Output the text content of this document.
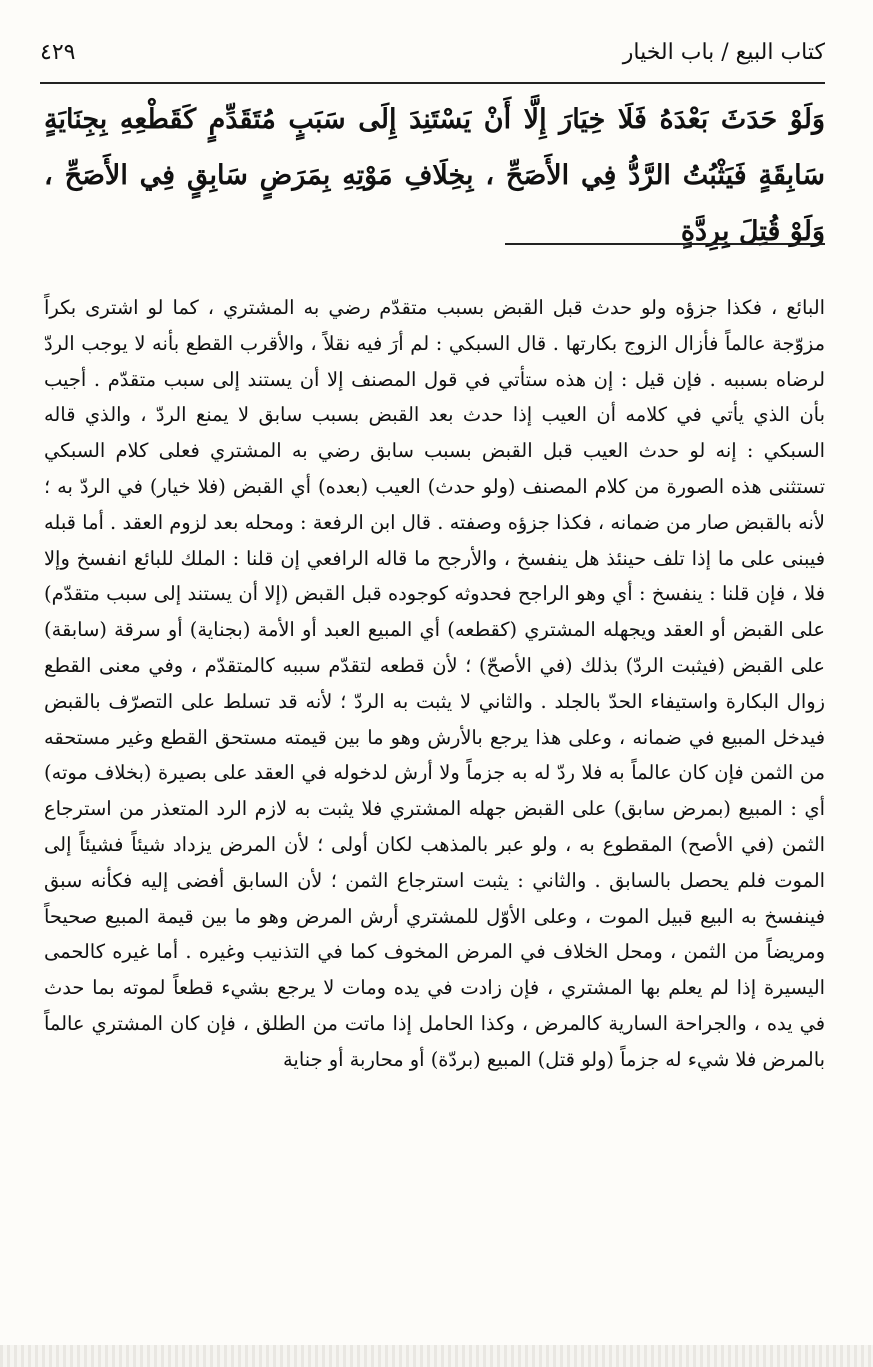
كتاب البيع / باب الخيار
٤٢٩
وَلَوْ حَدَثَ بَعْدَهُ فَلَا خِيَارَ إِلَّا أَنْ يَسْتَنِدَ إِلَى سَبَبٍ مُتَقَدِّمٍ كَقَطْعِهِ بِجِنَايَةٍ سَابِقَةٍ فَيَثْبُتُ الرَّدُّ فِي الأَصَحِّ ، بِخِلَافِ مَوْتِهِ بِمَرَضٍ سَابِقٍ فِي الأَصَحِّ ، وَلَوْ قُتِلَ بِرِدَّةٍ

البائع ، فكذا جزؤه ولو حدث قبل القبض بسبب متقدّم رضي به المشتري ، كما لو اشترى بكراً مزوّجة عالماً فأزال الزوج بكارتها . قال السبكي : لم أرَ فيه نقلاً ، والأقرب القطع بأنه لا يوجب الردّ لرضاه بسببه . فإن قيل : إن هذه ستأتي في قول المصنف إلا أن يستند إلى سبب متقدّم . أجيب بأن الذي يأتي في كلامه أن العيب إذا حدث بعد القبض بسبب سابق لا يمنع الردّ ، والذي قاله السبكي : إنه لو حدث العيب قبل القبض بسبب سابق رضي به المشتري فعلى كلام السبكي تستثنى هذه الصورة من كلام المصنف (ولو حدث) العيب (بعده) أي القبض (فلا خيار) في الردّ به ؛ لأنه بالقبض صار من ضمانه ، فكذا جزؤه وصفته . قال ابن الرفعة : ومحله بعد لزوم العقد . أما قبله فيبنى على ما إذا تلف حينئذ هل ينفسخ ، والأرجح ما قاله الرافعي إن قلنا : الملك للبائع انفسخ وإلا فلا ، فإن قلنا : ينفسخ : أي وهو الراجح فحدوثه كوجوده قبل القبض (إلا أن يستند إلى سبب متقدّم) على القبض أو العقد ويجهله المشتري (كقطعه) أي المبيع العبد أو الأمة (بجناية) أو سرقة (سابقة) على القبض (فيثبت الردّ) بذلك (في الأصحّ) ؛ لأن قطعه لتقدّم سببه كالمتقدّم ، وفي معنى القطع زوال البكارة واستيفاء الحدّ بالجلد . والثاني لا يثبت به الردّ ؛ لأنه قد تسلط على التصرّف بالقبض فيدخل المبيع في ضمانه ، وعلى هذا يرجع بالأرش وهو ما بين قيمته مستحق القطع وغير مستحقه من الثمن فإن كان عالماً به فلا ردّ له به جزماً ولا أرش لدخوله في العقد على بصيرة (بخلاف موته) أي : المبيع (بمرض سابق) على القبض جهله المشتري فلا يثبت به لازم الرد المتعذر من استرجاع الثمن (في الأصح) المقطوع به ، ولو عبر بالمذهب لكان أولى ؛ لأن المرض يزداد شيئاً فشيئاً إلى الموت فلم يحصل بالسابق . والثاني : يثبت استرجاع الثمن ؛ لأن السابق أفضى إليه فكأنه سبق فينفسخ به البيع قبيل الموت ، وعلى الأوّل للمشتري أرش المرض وهو ما بين قيمة المبيع صحيحاً ومريضاً من الثمن ، ومحل الخلاف في المرض المخوف كما في التذنيب وغيره . أما غيره كالحمى اليسيرة إذا لم يعلم بها المشتري ، فإن زادت في يده ومات لا يرجع بشيء قطعاً لموته بما حدث في يده ، والجراحة السارية كالمرض ، وكذا الحامل إذا ماتت من الطلق ، فإن كان المشتري عالماً بالمرض فلا شيء له جزماً (ولو قتل) المبيع (بردّة) أو محاربة أو جناية
